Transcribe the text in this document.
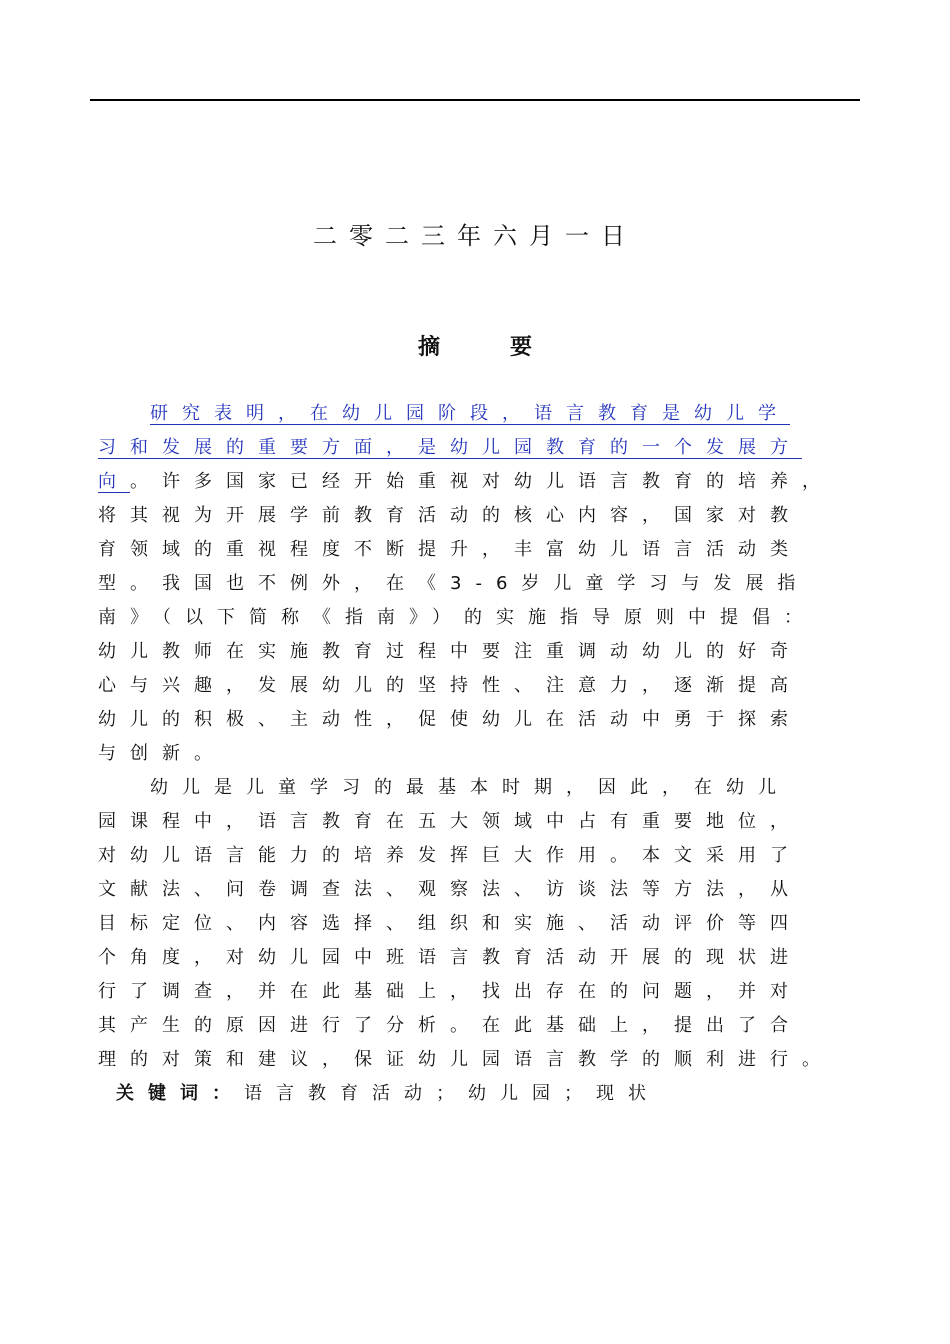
二零二三年六月一日
摘	要
研究表明，在幼儿园阶段，语言教育是幼儿学
习和发展的重要方面，是幼儿园教育的一个发展方
向。许多国家已经开始重视对幼儿语言教育的培养，
将其视为开展学前教育活动的核心内容，国家对教
育领域的重视程度不断提升，丰富幼儿语言活动类
型。我国也不例外，在《3-6岁儿童学习与发展指
南》（以下简称《指南》）的实施指导原则中提倡：
幼儿教师在实施教育过程中要注重调动幼儿的好奇
心与兴趣，发展幼儿的坚持性、注意力，逐渐提高
幼儿的积极、主动性，促使幼儿在活动中勇于探索
与创新。
幼儿是儿童学习的最基本时期，因此，在幼儿
园课程中，语言教育在五大领域中占有重要地位，
对幼儿语言能力的培养发挥巨大作用。本文采用了
文献法、问卷调查法、观察法、访谈法等方法，从
目标定位、内容选择、组织和实施、活动评价等四
个角度，对幼儿园中班语言教育活动开展的现状进
行了调查，并在此基础上，找出存在的问题，并对
其产生的原因进行了分析。在此基础上，提出了合
理的对策和建议，保证幼儿园语言教学的顺利进行。
关键词：语言教育活动；幼儿园；现状
